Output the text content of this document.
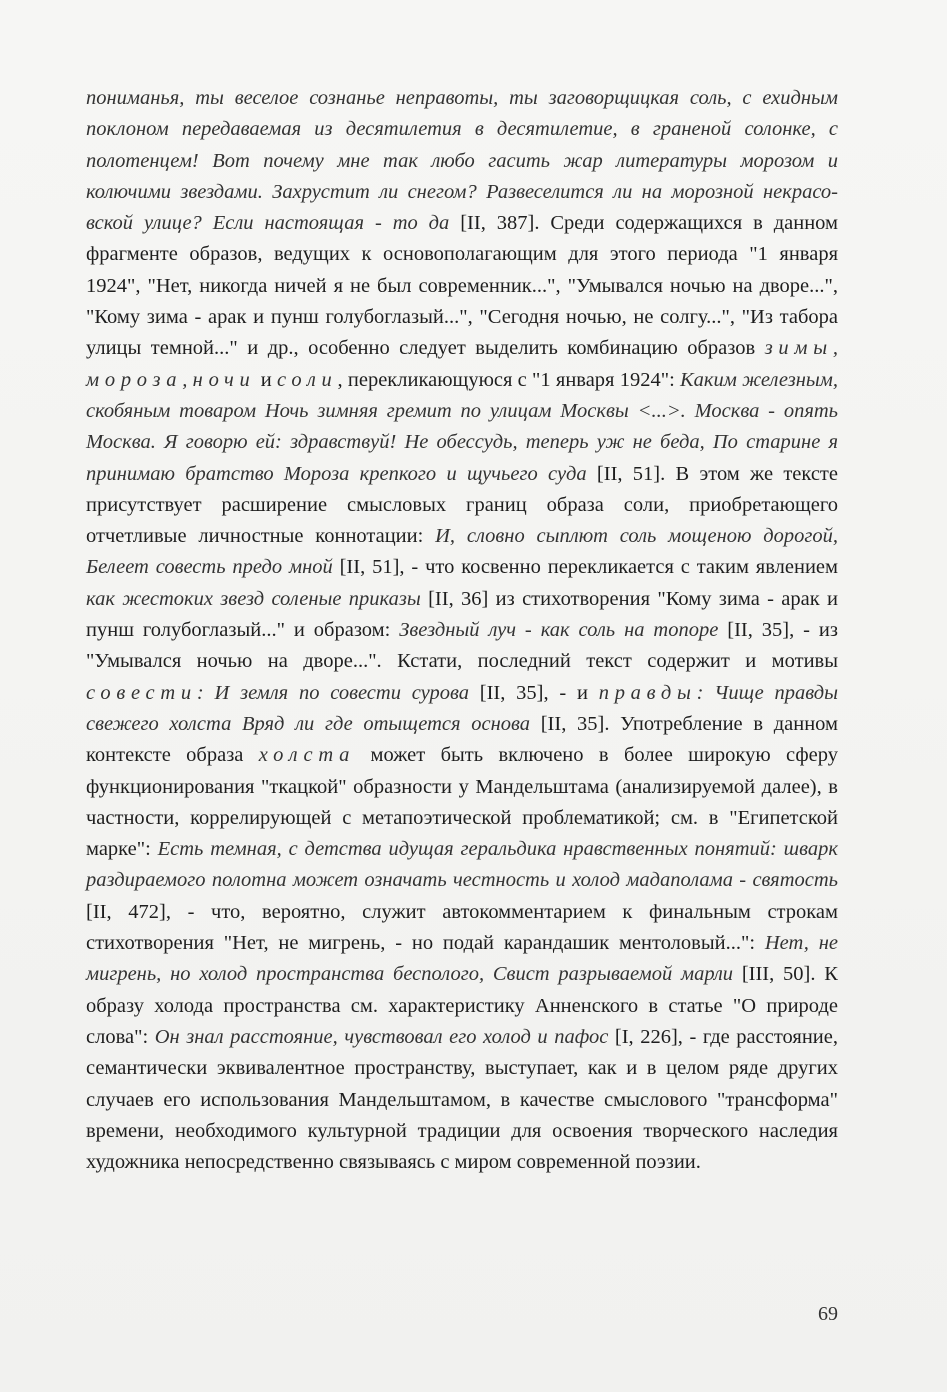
пониманья, ты веселое сознанье неправоты, ты заговорщицкая соль, с ехидным поклоном передаваемая из десятилетия в десятилетие, в граненой солонке, с полотенцем! Вот почему мне так любо гасить жар литературы морозом и колючими звездами. Захрустит ли снегом? Развеселится ли на морозной некрасовской улице? Если настоящая - то да [II, 387]. Среди содержащихся в данном фрагменте образов, ведущих к основополагающим для этого периода "1 января 1924", "Нет, никогда ничей я не был современник...", "Умывался ночью на дворе...", "Кому зима - арак и пунш голубоглазый...", "Сегодня ночью, не солгу...", "Из табора улицы темной..." и др., особенно следует выделить комбинацию образов зимы, мороза, ночи и соли, перекликающуюся с "1 января 1924": Каким железным, скобяным товаром Ночь зимняя гремит по улицам Москвы <...>. Москва - опять Москва. Я говорю ей: здравствуй! Не обессудь, теперь уж не беда, По старине я принимаю братство Мороза крепкого и щучьего суда [II, 51]. В этом же тексте присутствует расширение смысловых границ образа соли, приобретающего отчетливые личностные коннотации: И, словно сыплют соль мощеною дорогой, Белеет совесть предо мной [II, 51], - что косвенно перекликается с таким явлением как жестоких звезд соленые приказы [II, 36] из стихотворения "Кому зима - арак и пунш голубоглазый..." и образом: Звездный луч - как соль на топоре [II, 35], - из "Умывался ночью на дворе...". Кстати, последний текст содержит и мотивы совести: И земля по совести сурова [II, 35], - и правды: Чище правды свежего холста Вряд ли где отыщется основа [II, 35]. Употребление в данном контексте образа холста может быть включено в более широкую сферу функционирования "ткацкой" образности у Мандельштама (анализируемой далее), в частности, коррелирующей с метапоэтической проблематикой; см. в "Египетской марке": Есть темная, с детства идущая геральдика нравственных понятий: шварк раздираемого полотна может означать честность и холод мадаполама - святость [II, 472], - что, вероятно, служит автокомментарием к финальным строкам стихотворения "Нет, не мигрень, - но подай карандашик ментоловый...": Нет, не мигрень, но холод пространства бесполого, Свист разрываемой марли [III, 50]. К образу холода пространства см. характеристику Анненского в статье "О природе слова": Он знал расстояние, чувствовал его холод и пафос [I, 226], - где расстояние, семантически эквивалентное пространству, выступает, как и в целом ряде других случаев его использования Мандельштамом, в качестве смыслового "трансформа" времени, необходимого культурной традиции для освоения творческого наследия художника непосредственно связываясь с миром современной поэзии.

69
